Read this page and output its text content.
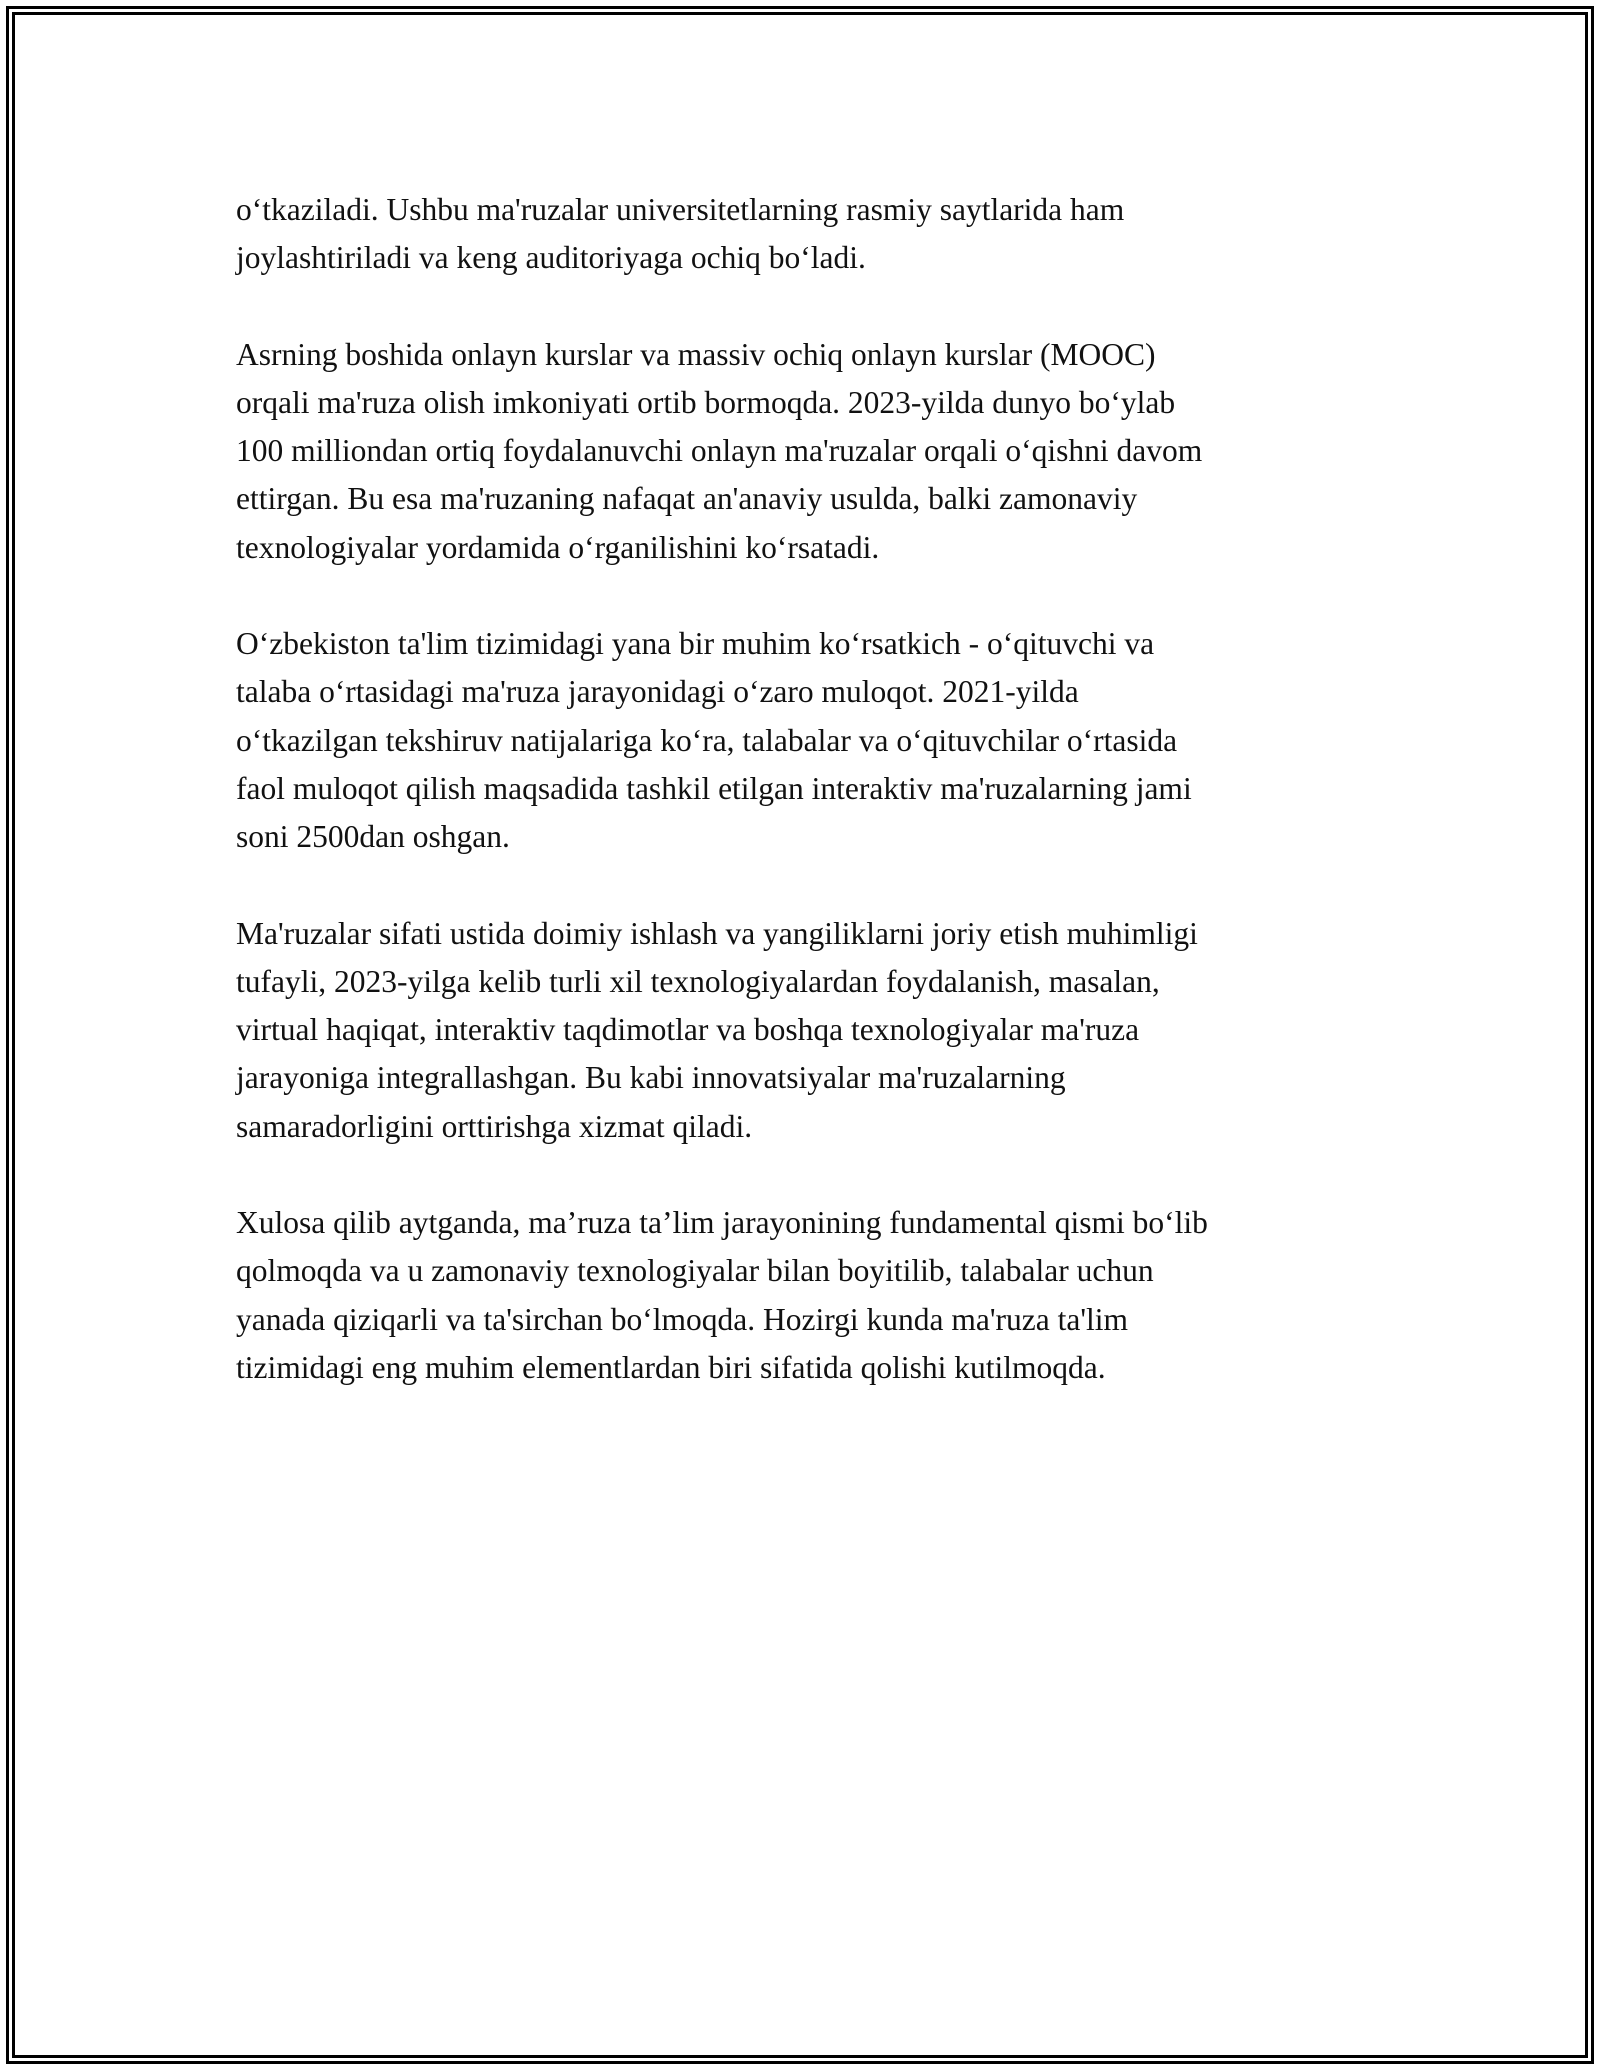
o‘tkaziladi. Ushbu ma'ruzalar universitetlarning rasmiy saytlarida ham
joylashtiriladi va keng auditoriyaga ochiq bo‘ladi.

Asrning boshida onlayn kurslar va massiv ochiq onlayn kurslar (MOOC)
orqali ma'ruza olish imkoniyati ortib bormoqda. 2023-yilda dunyo bo‘ylab
100 milliondan ortiq foydalanuvchi onlayn ma'ruzalar orqali o‘qishni davom
ettirgan. Bu esa ma'ruzaning nafaqat an'anaviy usulda, balki zamonaviy
texnologiyalar yordamida o‘rganilishini ko‘rsatadi.

O‘zbekiston ta'lim tizimidagi yana bir muhim ko‘rsatkich - o‘qituvchi va
talaba o‘rtasidagi ma'ruza jarayonidagi o‘zaro muloqot. 2021-yilda
o‘tkazilgan tekshiruv natijalariga ko‘ra, talabalar va o‘qituvchilar o‘rtasida
faol muloqot qilish maqsadida tashkil etilgan interaktiv ma'ruzalarning jami
soni 2500dan oshgan.

Ma'ruzalar sifati ustida doimiy ishlash va yangiliklarni joriy etish muhimligi
tufayli, 2023-yilga kelib turli xil texnologiyalardan foydalanish, masalan,
virtual haqiqat, interaktiv taqdimotlar va boshqa texnologiyalar ma'ruza
jarayoniga integrallashgan. Bu kabi innovatsiyalar ma'ruzalarning
samaradorligini orttirishga xizmat qiladi.

Xulosa qilib aytganda, ma’ruza ta’lim jarayonining fundamental qismi bo‘lib
qolmoqda va u zamonaviy texnologiyalar bilan boyitilib, talabalar uchun
yanada qiziqarli va ta'sirchan bo‘lmoqda. Hozirgi kunda ma'ruza ta'lim
tizimidagi eng muhim elementlardan biri sifatida qolishi kutilmoqda.
